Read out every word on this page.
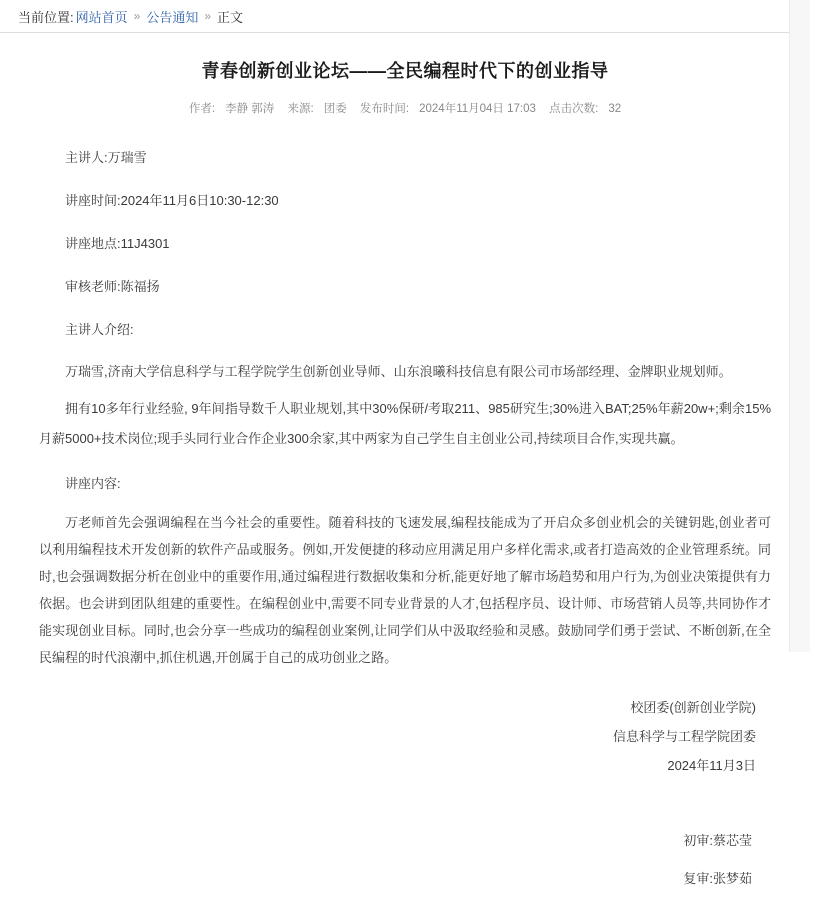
当前位置: 网站首页 » 公告通知 » 正文
青春创新创业论坛——全民编程时代下的创业指导
作者: 李静 郭涛 来源: 团委 发布时间: 2024年11月04日 17:03 点击次数: 32

主讲人:万瑞雪

讲座时间:2024年11月6日10:30-12:30

讲座地点:11J4301

审核老师:陈福扬

主讲人介绍:

万瑞雪,济南大学信息科学与工程学院学生创新创业导师、山东浪曦科技信息有限公司市场部经理、金牌职业规划师。

拥有10多年行业经验, 9年间指导数千人职业规划,其中30%保研/考取211、985研究生;30%进入BAT;25%年薪20w+;剩余15%月薪5000+技术岗位;现手头同行业合作企业300余家,其中两家为自己学生自主创业公司,持续项目合作,实现共赢。

讲座内容:

万老师首先会强调编程在当今社会的重要性。随着科技的飞速发展,编程技能成为了开启众多创业机会的关键钥匙,创业者可以利用编程技术开发创新的软件产品或服务。例如,开发便捷的移动应用满足用户多样化需求,或者打造高效的企业管理系统。同时,也会强调数据分析在创业中的重要作用,通过编程进行数据收集和分析,能更好地了解市场趋势和用户行为,为创业决策提供有力依据。也会讲到团队组建的重要性。在编程创业中,需要不同专业背景的人才,包括程序员、设计师、市场营销人员等,共同协作才能实现创业目标。同时,也会分享一些成功的编程创业案例,让同学们从中汲取经验和灵感。鼓励同学们勇于尝试、不断创新,在全民编程的时代浪潮中,抓住机遇,开创属于自己的成功创业之路。

校团委(创新创业学院)
信息科学与工程学院团委
2024年11月3日
初审:蔡芯莹
复审:张梦茹
